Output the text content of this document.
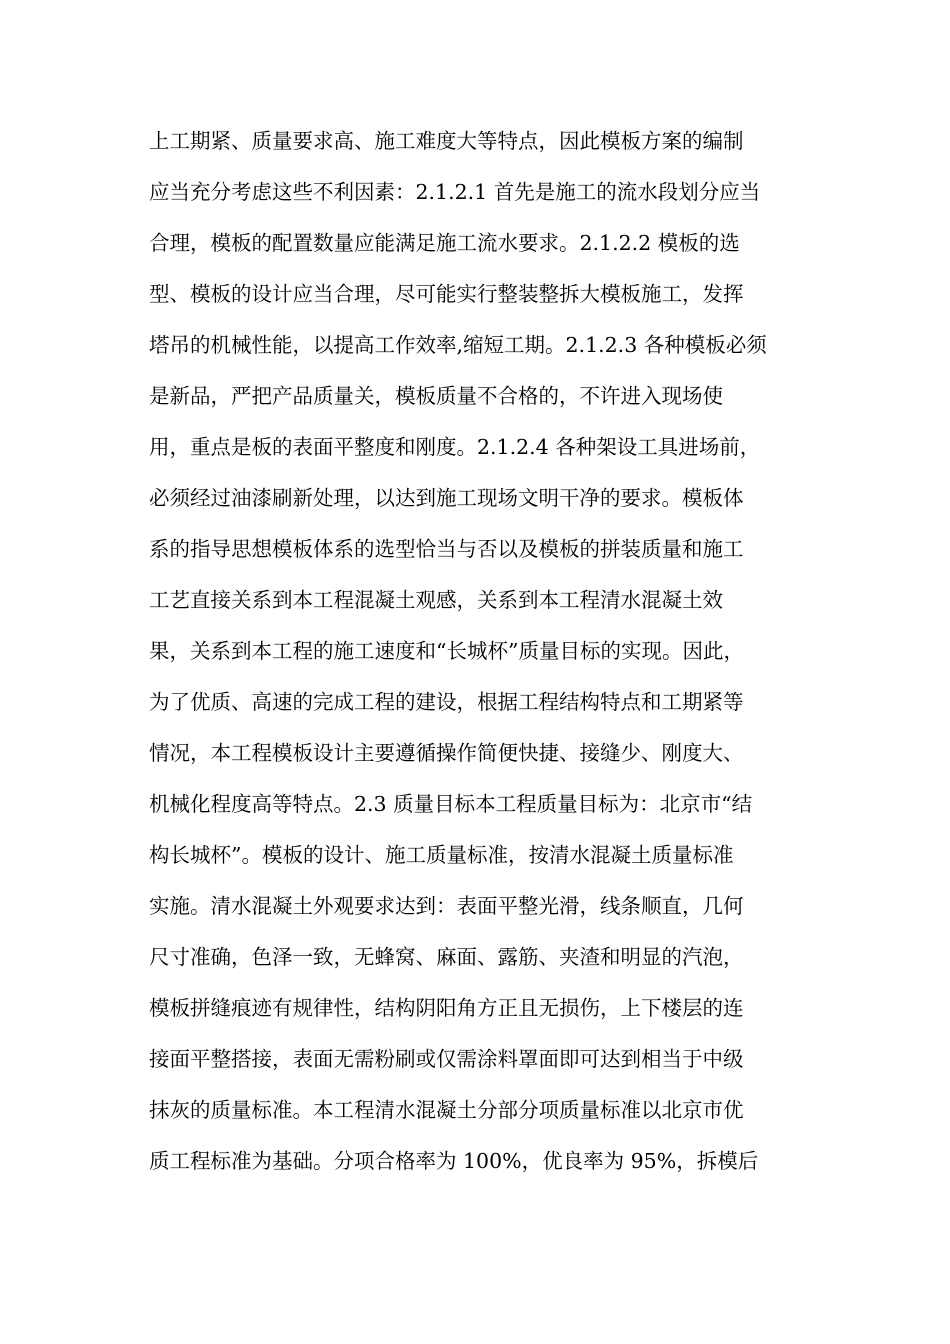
上工期紧、质量要求高、施工难度大等特点，因此模板方案的编制
应当充分考虑这些不利因素：2.1.2.1 首先是施工的流水段划分应当
合理，模板的配置数量应能满足施工流水要求。2.1.2.2 模板的选
型、模板的设计应当合理，尽可能实行整装整拆大模板施工，发挥
塔吊的机械性能，以提高工作效率,缩短工期。2.1.2.3 各种模板必须
是新品，严把产品质量关，模板质量不合格的，不许进入现场使
用，重点是板的表面平整度和刚度。2.1.2.4 各种架设工具进场前，
必须经过油漆刷新处理，以达到施工现场文明干净的要求。模板体
系的指导思想模板体系的选型恰当与否以及模板的拼装质量和施工
工艺直接关系到本工程混凝土观感，关系到本工程清水混凝土效
果，关系到本工程的施工速度和“长城杯”质量目标的实现。因此，
为了优质、高速的完成工程的建设，根据工程结构特点和工期紧等
情况，本工程模板设计主要遵循操作简便快捷、接缝少、刚度大、
机械化程度高等特点。2.3 质量目标本工程质量目标为：北京市“结
构长城杯”。模板的设计、施工质量标准，按清水混凝土质量标准
实施。清水混凝土外观要求达到：表面平整光滑，线条顺直，几何
尺寸准确，色泽一致，无蜂窝、麻面、露筋、夹渣和明显的汽泡，
模板拼缝痕迹有规律性，结构阴阳角方正且无损伤，上下楼层的连
接面平整搭接，表面无需粉刷或仅需涂料罩面即可达到相当于中级
抹灰的质量标准。本工程清水混凝土分部分项质量标准以北京市优
质工程标准为基础。分项合格率为 100%，优良率为 95%，拆模后
